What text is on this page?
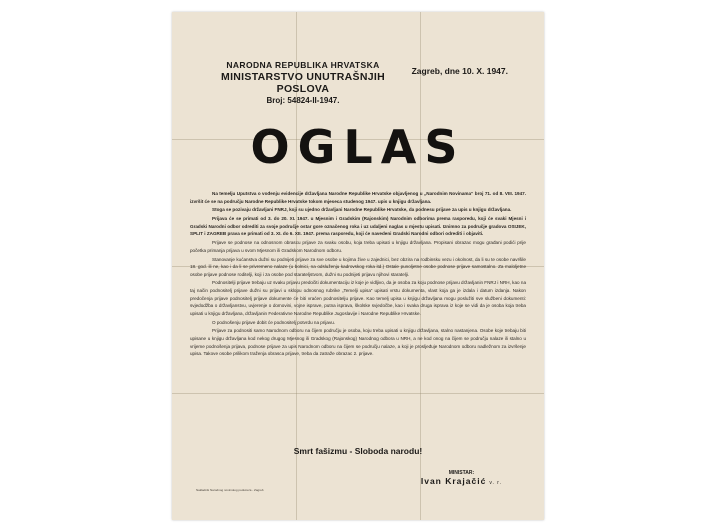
NARODNA REPUBLIKA HRVATSKA
MINISTARSTVO UNUTRAŠNJIH POSLOVA
Broj: 54824-II-1947.
Zagreb, dne 10. X. 1947.
OGLAS

Na temelju Uputstva o vođenju evidencije državljana Narodne Republike Hrvatske objavljenog u „Narodnim Novinama“ broj 71. od 8. VIII. 1947. izvršit će se na području Narodne Republike Hrvatske tokom mjeseca studenog 1947. upis u knjigu državljana.

Stoga se pozivaju državljani FNRJ, koji su ujedno državljani Narodne Republike Hrvatske, da podnesu prijave za upis u knjigu državljana.

Prijava će se primati od 3. do 20. XI. 1947. u Mjesnim i Gradskim (Rajonskim) Narodnim odborima prema rasporedu, koji će svaki Mjesni i Gradski Narodni odbor odrediti za svoje područje ostar gore označenog roka i uz udaljeni naglas u mjestu upisati. Iznimno za područje gradova OSIJEK, SPLIT i ZAGREB prava se primati od 3. XI. do 6. XII. 1947. prema rasporedu, koji će navedeni Gradski Narodni odbori odrediti i objaviti.

Prijave se podnose na odnosnom obrascu prijave za svaku osobu, koja treba upisati u knjigu državljana. Propisani obrazac mogu građani podići prije početka primanja prijava u svom Mjesnom ili Gradskom Narodnom odboru.

Stanovanje kućanstva dužni su podnijeti prijave za sve osobe u kojima žive u zajednici, bez obzira na rodbinsku vezu i okolnost, da li su te osobe navršile 18. god. ili ne, kao i da li se privremeno nalaze (u bolnici, na odsluženju kadrovskog roka itd.) Ostale punoljetne osobe podnose prijave samostalno. Za maloljetne osobe prijave podnose roditelji, koji i za osobe pod starateljstvom, dužni su podnijeti prijavu njihovi staratelji.

Podnositelji prijave trebaju uz svaku prijavu predočiti dokumentaciju iz koje je vidljivo, da je osoba za koju podnose prijavu državljanin FNRJ i NRH, kao na taj način podnositelj prijave dužni su prijavi u sklopu odnosnog rubrike „Temelji upisa“ upisati vrstu dokumenta, vlast koja ga je izdala i datum izdanja. Nakon predočenja prijave podnositelj prijave dokumente će biti vraćen podnositelju prijave. Kao temelj upisa u knjigu državljana mogu poslužiti sve službeni dokumenti: svjedodžba o državljanstvu, uvjerenje o domovini, vojne isprave, putna isprava, školske svjedočbe, kao i svaka druga isprava iz koje se vidi da je osoba koja treba upisati u knjigu državljana, državljanin Federativne Narodne Republike Jugoslavije i Narodne Republike Hrvatske.

O podnošenju prijave dobit će podnositelj potvrdu na prijavu.

Prijave za podnositi samo Narodnom odboru na čijem području je osoba, koju treba upisati u knjigu državljana, stalno nastanjena. Osobe koje trebaju biti upisane u knjigu državljana kod nekog drugog Mjesnog ili Gradskog (Rajonskog) Narodnog odbora u NRH, a ne kod onog na čijem se području nalaze ili stalno u vrijeme podnošenja prijava, podnose prijave za upis Narodnom odboru na čijem se području nalaze, a koji je prosljeđuje Narodnom odboru nadležnom za izvršenje upisa. Takove osobe prilikom traženja obrasca prijave, treba da zatraže obrazac 2. prijave.

Smrt fašizmu - Sloboda narodu!
MINISTAR:
Ivan Krajačić v. r.
Nakladnik Narodnog novinskog poduzeća - Zagreb
